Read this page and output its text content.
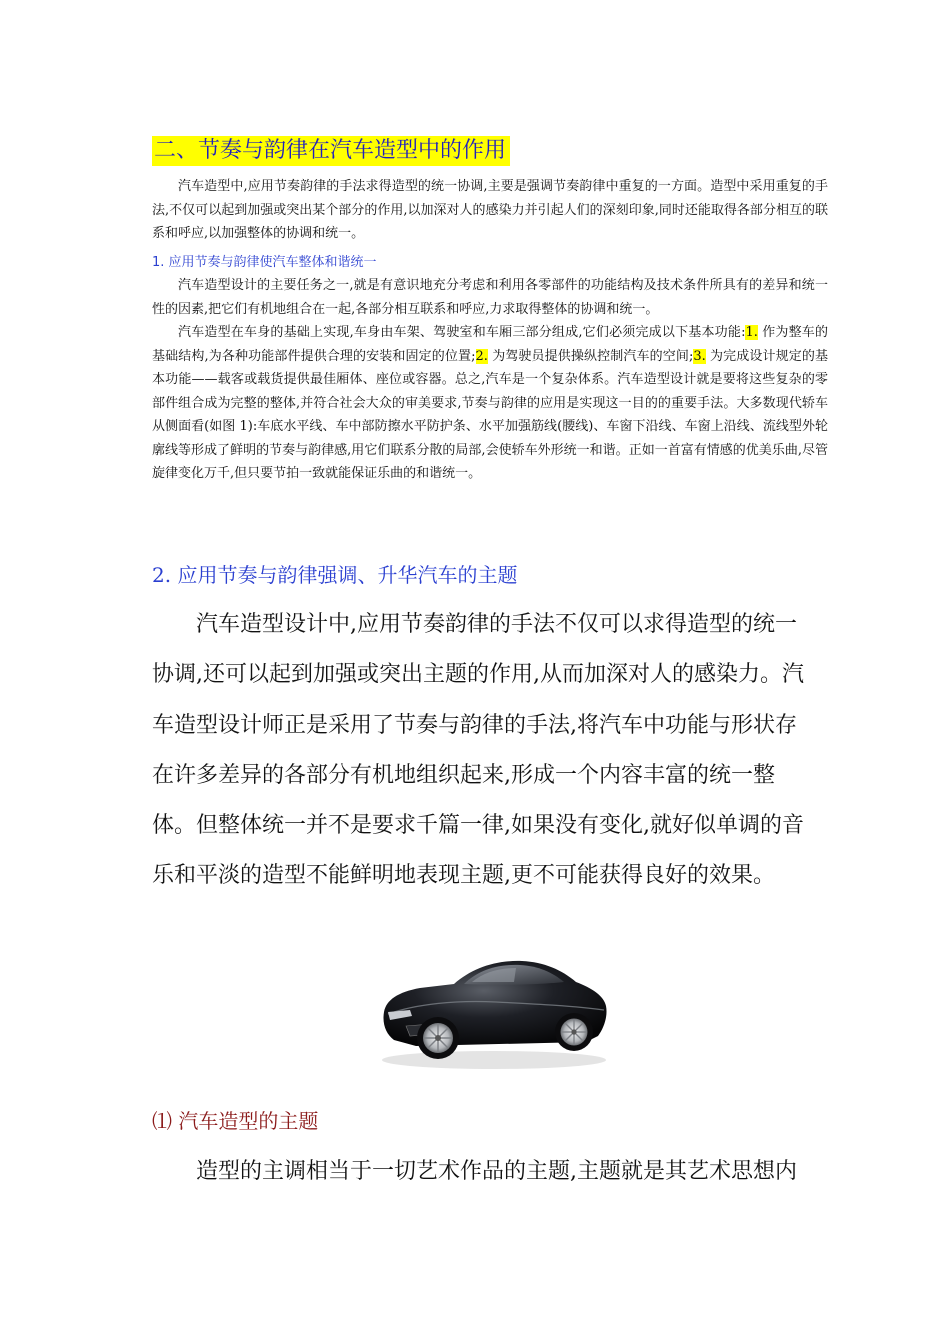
二、节奏与韵律在汽车造型中的作用

汽车造型中,应用节奏韵律的手法求得造型的统一协调,主要是强调节奏韵律中重复的一方面。造型中采用重复的手法,不仅可以起到加强或突出某个部分的作用,以加深对人的感染力并引起人们的深刻印象,同时还能取得各部分相互的联系和呼应,以加强整体的协调和统一。

1. 应用节奏与韵律使汽车整体和谐统一

汽车造型设计的主要任务之一,就是有意识地充分考虑和利用各零部件的功能结构及技术条件所具有的差异和统一性的因素,把它们有机地组合在一起,各部分相互联系和呼应,力求取得整体的协调和统一。

汽车造型在车身的基础上实现,车身由车架、驾驶室和车厢三部分组成,它们必须完成以下基本功能:1. 作为整车的基础结构,为各种功能部件提供合理的安装和固定的位置;2. 为驾驶员提供操纵控制汽车的空间;3. 为完成设计规定的基本功能——载客或载货提供最佳厢体、座位或容器。总之,汽车是一个复杂体系。汽车造型设计就是要将这些复杂的零部件组合成为完整的整体,并符合社会大众的审美要求,节奏与韵律的应用是实现这一目的的重要手法。大多数现代轿车从侧面看(如图 1):车底水平线、车中部防擦水平防护条、水平加强筋线(腰线)、车窗下沿线、车窗上沿线、流线型外轮廓线等形成了鲜明的节奏与韵律感,用它们联系分散的局部,会使轿车外形统一和谐。正如一首富有情感的优美乐曲,尽管旋律变化万千,但只要节拍一致就能保证乐曲的和谐统一。

2. 应用节奏与韵律强调、升华汽车的主题
汽车造型设计中,应用节奏韵律的手法不仅可以求得造型的统一
协调,还可以起到加强或突出主题的作用,从而加深对人的感染力。汽
车造型设计师正是采用了节奏与韵律的手法,将汽车中功能与形状存
在许多差异的各部分有机地组织起来,形成一个内容丰富的统一整
体。但整体统一并不是要求千篇一律,如果没有变化,就好似单调的音
乐和平淡的造型不能鲜明地表现主题,更不可能获得良好的效果。
⑴ 汽车造型的主题
造型的主调相当于一切艺术作品的主题,主题就是其艺术思想内
